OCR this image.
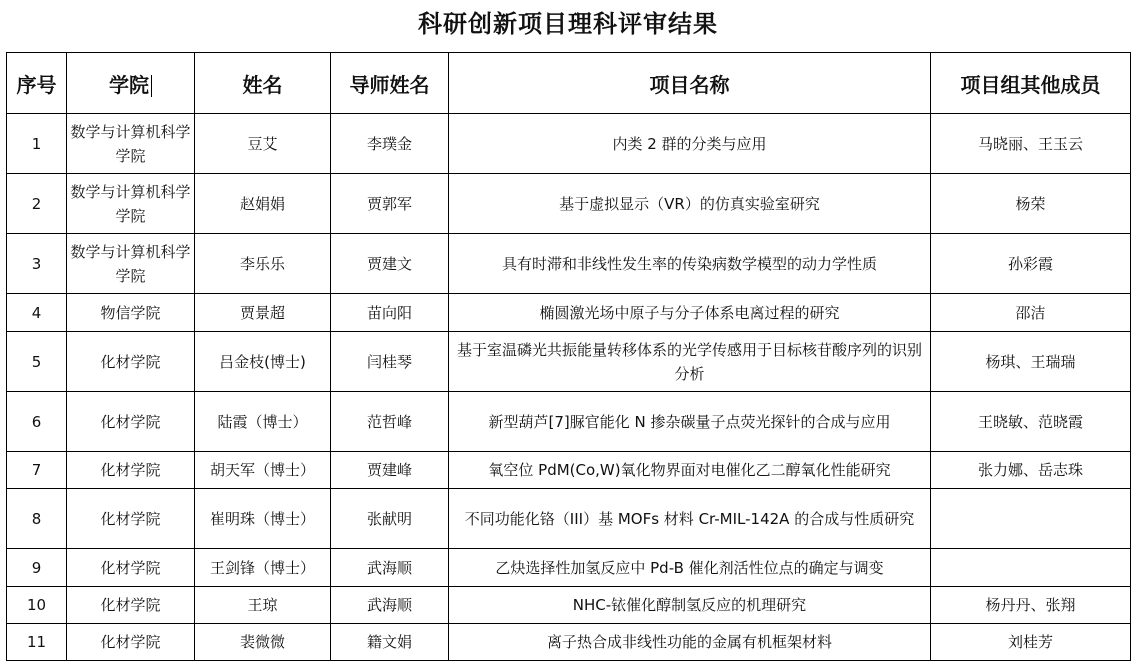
科研创新项目理科评审结果
序号	学院	姓名	导师姓名	项目名称	项目组其他成员
1	数学与计算机科学学院	豆艾	李璞金	内类 2 群的分类与应用	马晓丽、王玉云
2	数学与计算机科学学院	赵娟娟	贾郭军	基于虚拟显示（VR）的仿真实验室研究	杨荣
3	数学与计算机科学学院	李乐乐	贾建文	具有时滞和非线性发生率的传染病数学模型的动力学性质	孙彩霞
4	物信学院	贾景超	苗向阳	椭圆激光场中原子与分子体系电离过程的研究	邵洁
5	化材学院	吕金枝(博士)	闫桂琴	基于室温磷光共振能量转移体系的光学传感用于目标核苷酸序列的识别分析	杨琪、王瑞瑞
6	化材学院	陆霞（博士）	范哲峰	新型葫芦[7]脲官能化 N 掺杂碳量子点荧光探针的合成与应用	王晓敏、范晓霞
7	化材学院	胡天军（博士）	贾建峰	氧空位 PdM(Co,W)氧化物界面对电催化乙二醇氧化性能研究	张力娜、岳志珠
8	化材学院	崔明珠（博士）	张献明	不同功能化铬（III）基 MOFs 材料 Cr-MIL-142A 的合成与性质研究	
9	化材学院	王剑锋（博士）	武海顺	乙炔选择性加氢反应中 Pd-B 催化剂活性位点的确定与调变	
10	化材学院	王琼	武海顺	NHC-铱催化醇制氢反应的机理研究	杨丹丹、张翔
11	化材学院	裴微微	籍文娟	离子热合成非线性功能的金属有机框架材料	刘桂芳
